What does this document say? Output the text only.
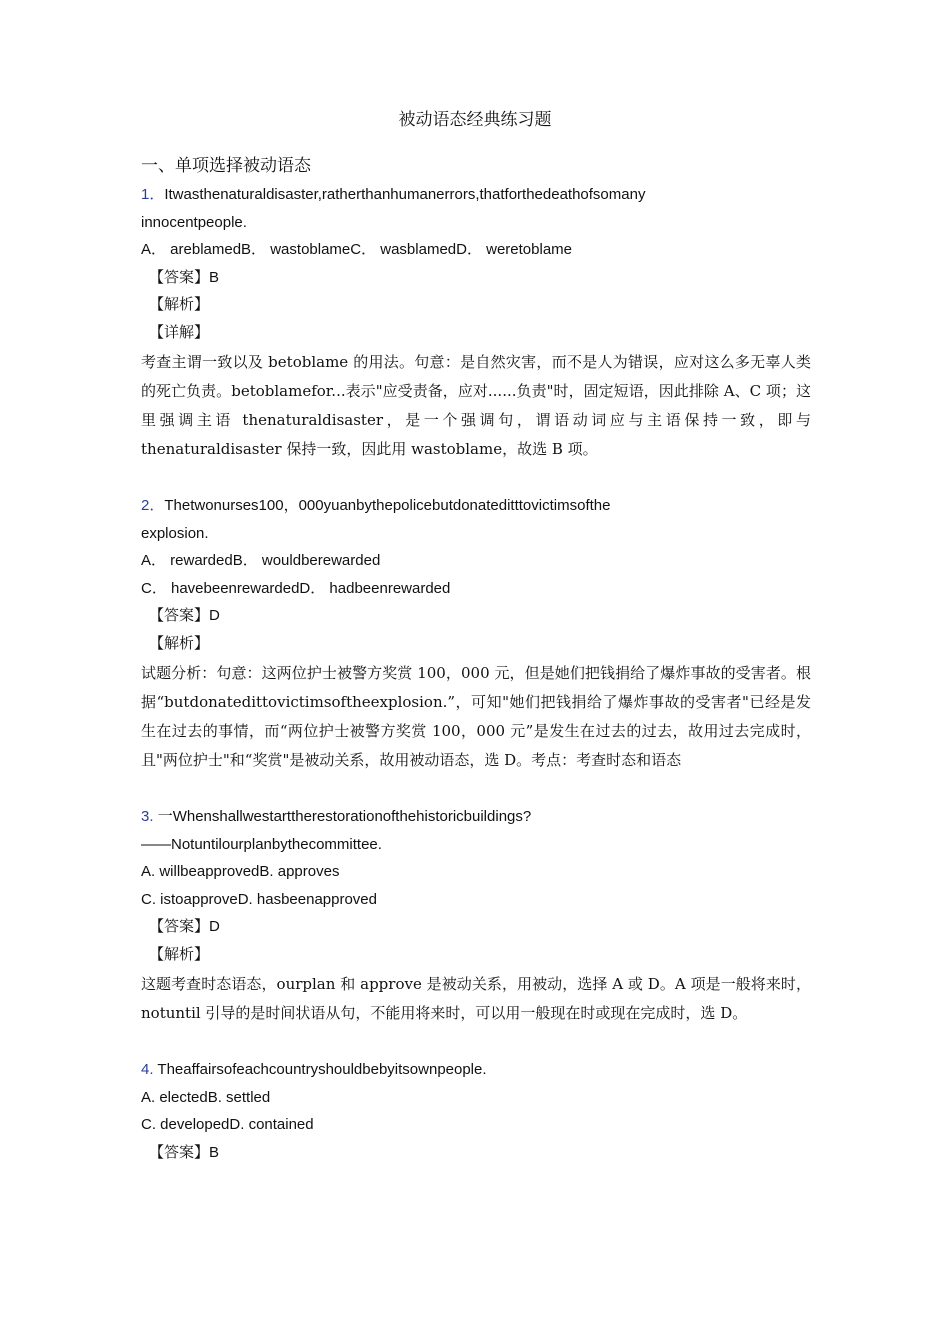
被动语态经典练习题
一、单项选择被动语态
1．Itwasthenaturaldisaster,ratherthanhumanerrors,thatforthedeathofsomany
innocentpeople.
A． areblamedB． wastoblameC． wasblamedD． weretoblame
【答案】B
【解析】
【详解】
考查主谓一致以及 betoblame 的用法。句意：是自然灾害，而不是人为错误，应对这么多无辜人类的死亡负责。betoblamefor...表示"应受责备，应对......负责"时，固定短语，因此排除 A、C 项；这里强调主语 thenaturaldisaster，是一个强调句，谓语动词应与主语保持一致，即与 thenaturaldisaster 保持一致，因此用 wastoblame，故选 B 项。
2．Thetwonurses100，000yuanbythepolicebutdonateditttovictimsofthe
explosion.
A． rewardedB． wouldberewarded
C． havebeenrewardedD． hadbeenrewarded
【答案】D
【解析】
试题分析：句意：这两位护士被警方奖赏 100，000 元，但是她们把钱捐给了爆炸事故的受害者。根据“butdonatedittovictimsoftheexplosion.”，可知"她们把钱捐给了爆炸事故的受害者"已经是发生在过去的事情，而“两位护士被警方奖赏 100，000 元”是发生在过去的过去，故用过去完成时，且"两位护士"和“奖赏"是被动关系，故用被动语态，选 D。考点：考查时态和语态
3. 一Whenshallwestarttherestorationofthehistoricbuildings?
——Notuntilourplanbythecommittee.
A. willbeapprovedB. approves
C. istoapproveD. hasbeenapproved
【答案】D
【解析】
这题考查时态语态，ourplan 和 approve 是被动关系，用被动，选择 A 或 D。A 项是一般将来时，notuntil 引导的是时间状语从句，不能用将来时，可以用一般现在时或现在完成时，选 D。
4. Theaffairsofeachcountryshouldbebyitsownpeople.
A. electedB. settled
C. developedD. contained
【答案】B
